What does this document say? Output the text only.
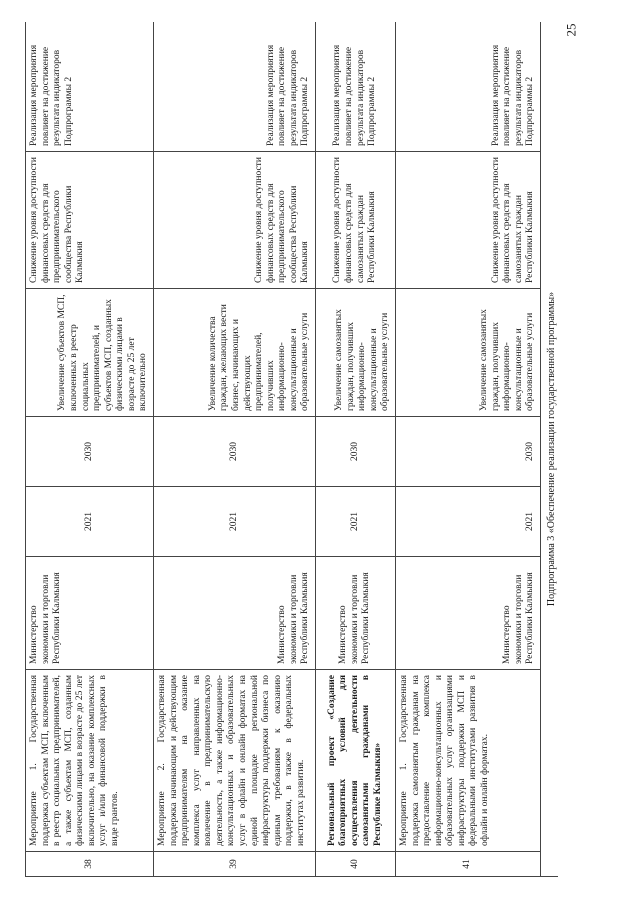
25
38	Мероприятие 1. Государственная поддержка субъектам МСП, включенным в реестр социальных предпринимателей, а также субъектам МСП, созданным физическими лицами в возрасте до 25 лет включительно, на оказание комплексных услуг и/или финансовой поддержки в виде грантов.	Министерство экономики и торговли Республики Калмыкия	2021	2030	Увеличение субъектов МСП, включенных в реестр социальных предпринимателей, и субъектов МСП, созданных физическими лицами в возрасте до 25 лет включительно	Снижение уровня доступности финансовых средств для предпринимательского сообщества Республики Калмыкия	Реализация мероприятия повлияет на достижение результата индикаторов Подпрограммы 2
39	Мероприятие 2. Государственная поддержка начинающим и действующим предпринимателям на оказание комплекса услуг направленных на вовлечение в предпринимательскую деятельность, а также информационно-консультационных и образовательных услуг в офлайн и онлайн форматах на единой площадке региональной инфраструктуры поддержки бизнеса по единым требованиям к оказанию поддержки, в также в федеральных институтах развития.	Министерство экономики и торговли Республики Калмыкия	2021	2030	Увеличение количества граждан, желающих вести бизнес, начинающих и действующих предпринимателей, получивших информационно-консультационные и образовательные услуги	Снижение уровня доступности финансовых средств для предпринимательского сообщества Республики Калмыкия	Реализация мероприятия повлияет на достижение результата индикаторов Подпрограммы 2
40	Региональный проект «Создание благоприятных условий для осуществления деятельности самозанятыми гражданами в Республике Калмыкия»	Министерство экономики и торговли Республики Калмыкия	2021	2030	Увеличение самозанятых граждан, получивших информационно-консультационные и образовательные услуги	Снижение уровня доступности финансовых средств для самозанятых граждан Республики Калмыкия	Реализация мероприятия повлияет на достижение результата индикаторов Подпрограммы 2
41	Мероприятие 1. Государственная поддержка самозанятым гражданам на предоставление комплекса информационно-консультационных и образовательных услуг организациями инфраструктуры поддержки МСП и федеральными институтами развития в офлайн и онлайн форматах.	Министерство экономики и торговли Республики Калмыкия	2021	2030	Увеличение самозанятых граждан, получивших информационно-консультационные и образовательные услуги	Снижение уровня доступности финансовых средств для самозанятых граждан Республики Калмыкия	Реализация мероприятия повлияет на достижение результата индикаторов Подпрограммы 2
Подпрограмма 3 «Обеспечение реализации государственной программы»							
